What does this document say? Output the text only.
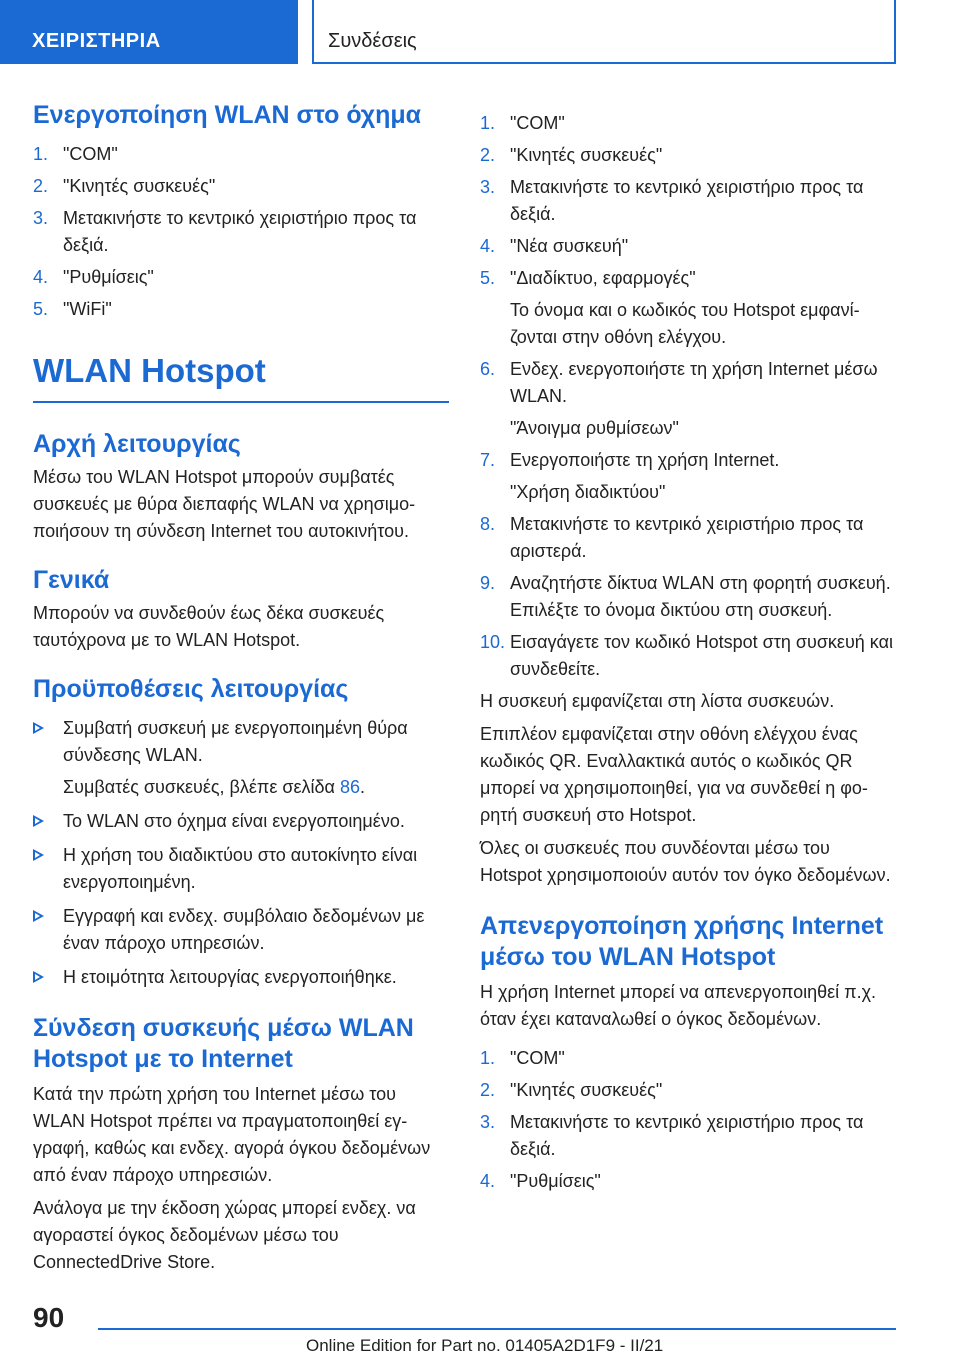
ΧΕΙΡΙΣΤΗΡΙΑ	Συνδέσεις
Ενεργοποίηση WLAN στο όχημα
1. "COM"
2. "Κινητές συσκευές"
3. Μετακινήστε το κεντρικό χειριστήριο προς τα δεξιά.
4. "Ρυθμίσεις"
5. "WiFi"
WLAN Hotspot
Αρχή λειτουργίας

Μέσω του WLAN Hotspot μπορούν συμβατές συσκευές με θύρα διεπαφής WLAN να χρησιμοποιήσουν τη σύνδεση Internet του αυτοκινήτου.

Γενικά

Μπορούν να συνδεθούν έως δέκα συσκευές ταυτόχρονα με το WLAN Hotspot.

Προϋποθέσεις λειτουργίας
Συμβατή συσκευή με ενεργοποιημένη θύρα σύνδεσης WLAN.
Συμβατές συσκευές, βλέπε σελίδα 86.
Το WLAN στο όχημα είναι ενεργοποιημένο.
Η χρήση του διαδικτύου στο αυτοκίνητο είναι ενεργοποιημένη.
Εγγραφή και ενδεχ. συμβόλαιο δεδομένων με έναν πάροχο υπηρεσιών.
Η ετοιμότητα λειτουργίας ενεργοποιήθηκε.
Σύνδεση συσκευής μέσω WLAN Hotspot με το Internet

Κατά την πρώτη χρήση του Internet μέσω του WLAN Hotspot πρέπει να πραγματοποιηθεί εγγραφή, καθώς και ενδεχ. αγορά όγκου δεδομένων από έναν πάροχο υπηρεσιών.

Ανάλογα με την έκδοση χώρας μπορεί ενδεχ. να αγοραστεί όγκος δεδομένων μέσω του ConnectedDrive Store.

1. "COM"
2. "Κινητές συσκευές"
3. Μετακινήστε το κεντρικό χειριστήριο προς τα δεξιά.
4. "Νέα συσκευή"
5. "Διαδίκτυο, εφαρμογές"
Το όνομα και ο κωδικός του Hotspot εμφανίζονται στην οθόνη ελέγχου.
6. Ενδεχ. ενεργοποιήστε τη χρήση Internet μέσω WLAN.
"Άνοιγμα ρυθμίσεων"
7. Ενεργοποιήστε τη χρήση Internet.
"Χρήση διαδικτύου"
8. Μετακινήστε το κεντρικό χειριστήριο προς τα αριστερά.
9. Αναζητήστε δίκτυα WLAN στη φορητή συσκευή. Επιλέξτε το όνομα δικτύου στη συσκευή.
10. Εισαγάγετε τον κωδικό Hotspot στη συσκευή και συνδεθείτε.

Η συσκευή εμφανίζεται στη λίστα συσκευών.

Επιπλέον εμφανίζεται στην οθόνη ελέγχου ένας κωδικός QR. Εναλλακτικά αυτός ο κωδικός QR μπορεί να χρησιμοποιηθεί, για να συνδεθεί η φορητή συσκευή στο Hotspot.

Όλες οι συσκευές που συνδέονται μέσω του Hotspot χρησιμοποιούν αυτόν τον όγκο δεδομένων.

Απενεργοποίηση χρήσης Internet μέσω του WLAN Hotspot

Η χρήση Internet μπορεί να απενεργοποιηθεί π.χ. όταν έχει καταναλωθεί ο όγκος δεδομένων.

1. "COM"
2. "Κινητές συσκευές"
3. Μετακινήστε το κεντρικό χειριστήριο προς τα δεξιά.
4. "Ρυθμίσεις"
90
Online Edition for Part no. 01405A2D1F9 - II/21
